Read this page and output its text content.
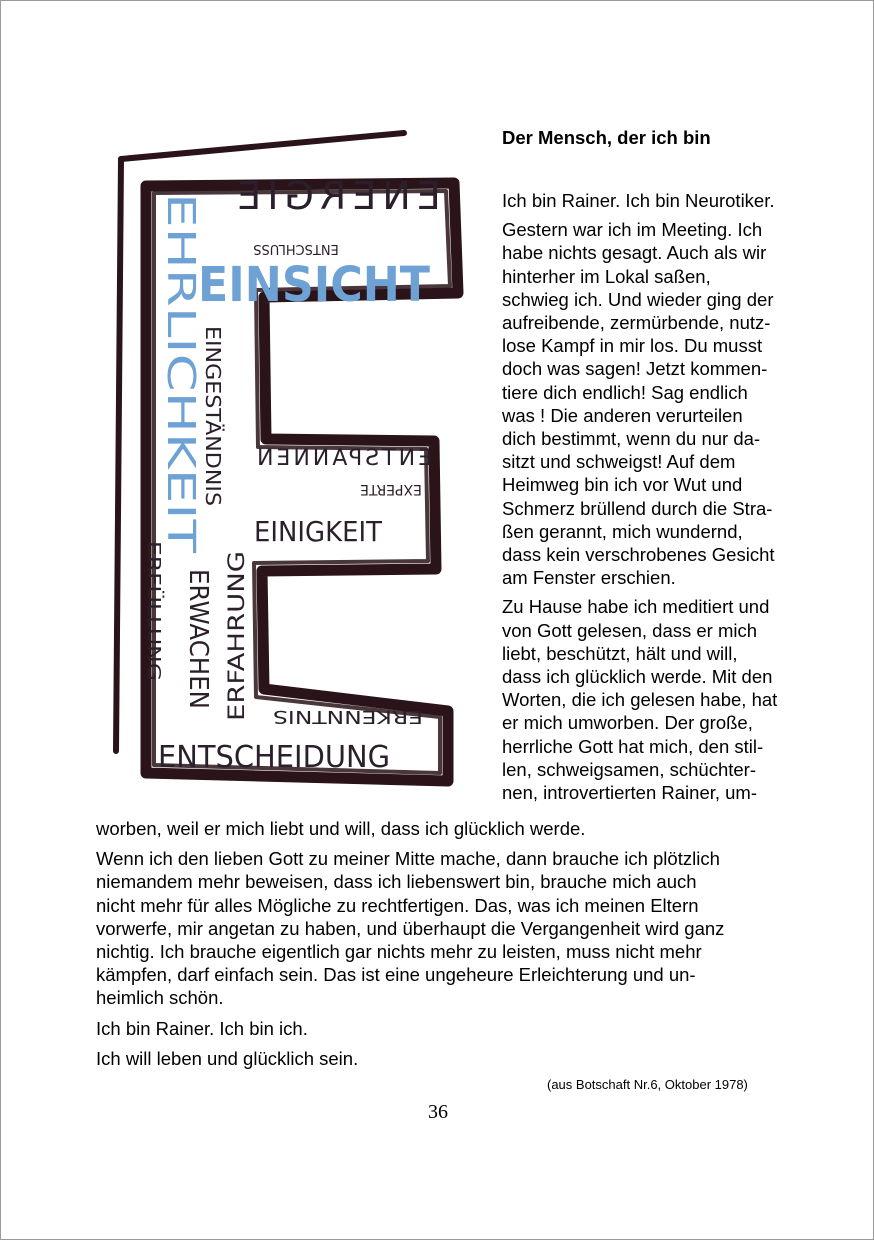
ENERGIE
ENTSCHLUSS
EINSICHT
EHRLICHKEIT
EINGESTÄNDNIS ENTSPANNEN
EXPERTE
EINIGKEIT
ERFÜLLUNG ERWACHEN ERFAHRUNG ERKENNTNIS
ENTSCHEIDUNG
Der Mensch, der ich bin
Ich bin Rainer. Ich bin Neurotiker.
Gestern war ich im Meeting. Ich
habe nichts gesagt. Auch als wir
hinterher im Lokal saßen,
schwieg ich. Und wieder ging der
aufreibende, zermürbende, nutz-
lose Kampf in mir los. Du musst
doch was sagen! Jetzt kommen-
tiere dich endlich! Sag endlich
was ! Die anderen verurteilen
dich bestimmt, wenn du nur da-
sitzt und schweigst! Auf dem
Heimweg bin ich vor Wut und
Schmerz brüllend durch die Stra-
ßen gerannt, mich wundernd,
dass kein verschrobenes Gesicht
am Fenster erschien.
Zu Hause habe ich meditiert und
von Gott gelesen, dass er mich
liebt, beschützt, hält und will,
dass ich glücklich werde. Mit den
Worten, die ich gelesen habe, hat
er mich umworben. Der große,
herrliche Gott hat mich, den stil-
len, schweigsamen, schüchter-
nen, introvertierten Rainer, um-
worben, weil er mich liebt und will, dass ich glücklich werde.
Wenn ich den lieben Gott zu meiner Mitte mache, dann brauche ich plötzlich
niemandem mehr beweisen, dass ich liebenswert bin, brauche mich auch
nicht mehr für alles Mögliche zu rechtfertigen. Das, was ich meinen Eltern
vorwerfe, mir angetan zu haben, und überhaupt die Vergangenheit wird ganz
nichtig. Ich brauche eigentlich gar nichts mehr zu leisten, muss nicht mehr
kämpfen, darf einfach sein. Das ist eine ungeheure Erleichterung und un-
heimlich schön.
Ich bin Rainer. Ich bin ich.
Ich will leben und glücklich sein.
(aus Botschaft Nr.6, Oktober 1978)
36
